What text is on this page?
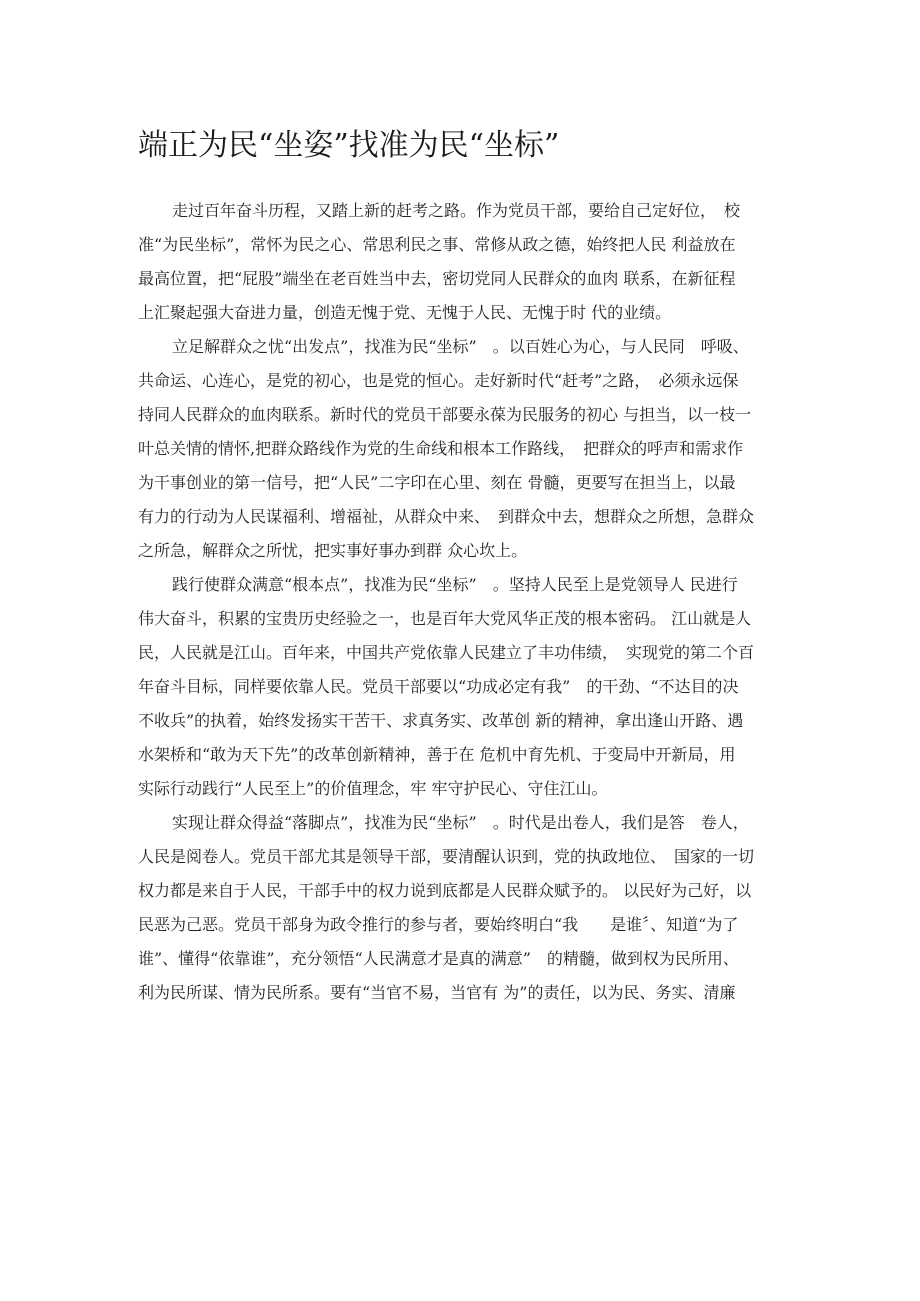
端正为民“坐姿”找准为民“坐标”

走过百年奋斗历程，又踏上新的赶考之路。作为党员干部，要给自己定好位，　校
准“为民坐标”，常怀为民之心、常思利民之事、常修从政之德，始终把人民 利益放在
最高位置，把“屁股”端坐在老百姓当中去，密切党同人民群众的血肉 联系，在新征程
上汇聚起强大奋进力量，创造无愧于党、无愧于人民、无愧于时 代的业绩。

立足解群众之忧“出发点”，找准为民“坐标”　。以百姓心为心，与人民同　呼吸、
共命运、心连心，是党的初心，也是党的恒心。走好新时代“赶考”之路，　必须永远保
持同人民群众的血肉联系。新时代的党员干部要永葆为民服务的初心 与担当，以一枝一
叶总关情的情怀,把群众路线作为党的生命线和根本工作路线，　把群众的呼声和需求作
为干事创业的第一信号，把“人民”二字印在心里、刻在 骨髓，更要写在担当上，以最
有力的行动为人民谋福利、增福祉，从群众中来、　到群众中去，想群众之所想，急群众
之所急，解群众之所忧，把实事好事办到群 众心坎上。

践行使群众满意“根本点”，找准为民“坐标”　。坚持人民至上是党领导人 民进行
伟大奋斗，积累的宝贵历史经验之一，也是百年大党风华正茂的根本密码。 江山就是人
民，人民就是江山。百年来，中国共产党依靠人民建立了丰功伟绩，　实现党的第二个百
年奋斗目标，同样要依靠人民。党员干部要以“功成必定有我”　的干劲、“不达目的决
不收兵”的执着，始终发扬实干苦干、求真务实、改革创 新的精神，拿出逢山开路、遇
水架桥和“敢为天下先”的改革创新精神，善于在 危机中育先机、于变局中开新局，用
实际行动践行“人民至上”的价值理念，牢 牢守护民心、守住江山。

实现让群众得益“落脚点”，找准为民“坐标”　。时代是出卷人，我们是答　卷人，
人民是阅卷人。党员干部尤其是领导干部，要清醒认识到，党的执政地位、　国家的一切
权力都是来自于人民，干部手中的权力说到底都是人民群众赋予的。 以民好为己好，以
民恶为己恶。党员干部身为政令推行的参与者，要始终明白“我　　是谁〞、知道“为了
谁”、懂得“依靠谁”，充分领悟“人民满意才是真的满意”　的精髓，做到权为民所用、
利为民所谋、情为民所系。要有“当官不易，当官有 为”的责任，以为民、务实、清廉
